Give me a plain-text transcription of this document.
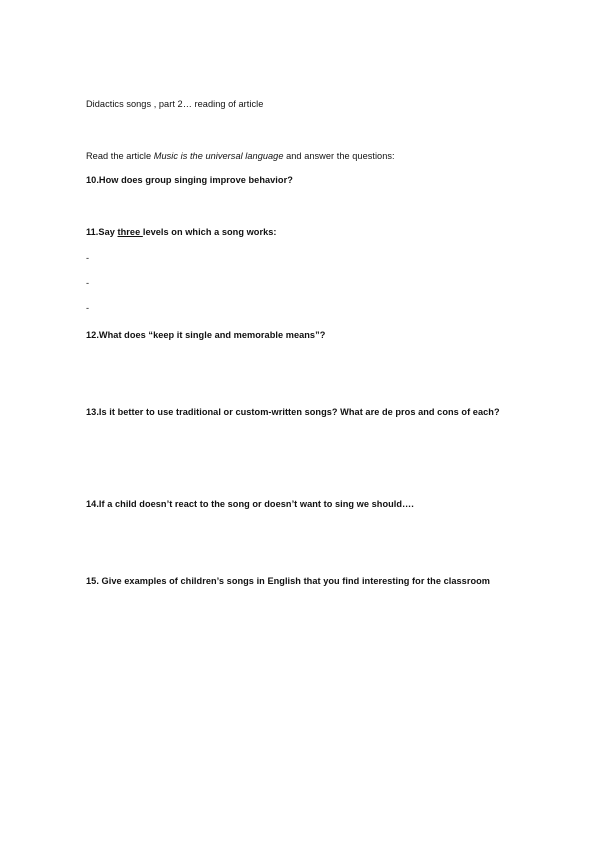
Didactics songs , part 2… reading of article
Read the article Music is the universal language and answer the questions:
10.How does group singing improve behavior?
11.Say three levels on which a song works:
-
-
-
12.What does “keep it single and memorable means”?
13.Is it better to use traditional or custom-written songs? What are de pros and cons of each?
14.If a child doesn’t react to the song or doesn’t want to sing we should….
15. Give examples of children’s songs in English that you find interesting for the classroom
